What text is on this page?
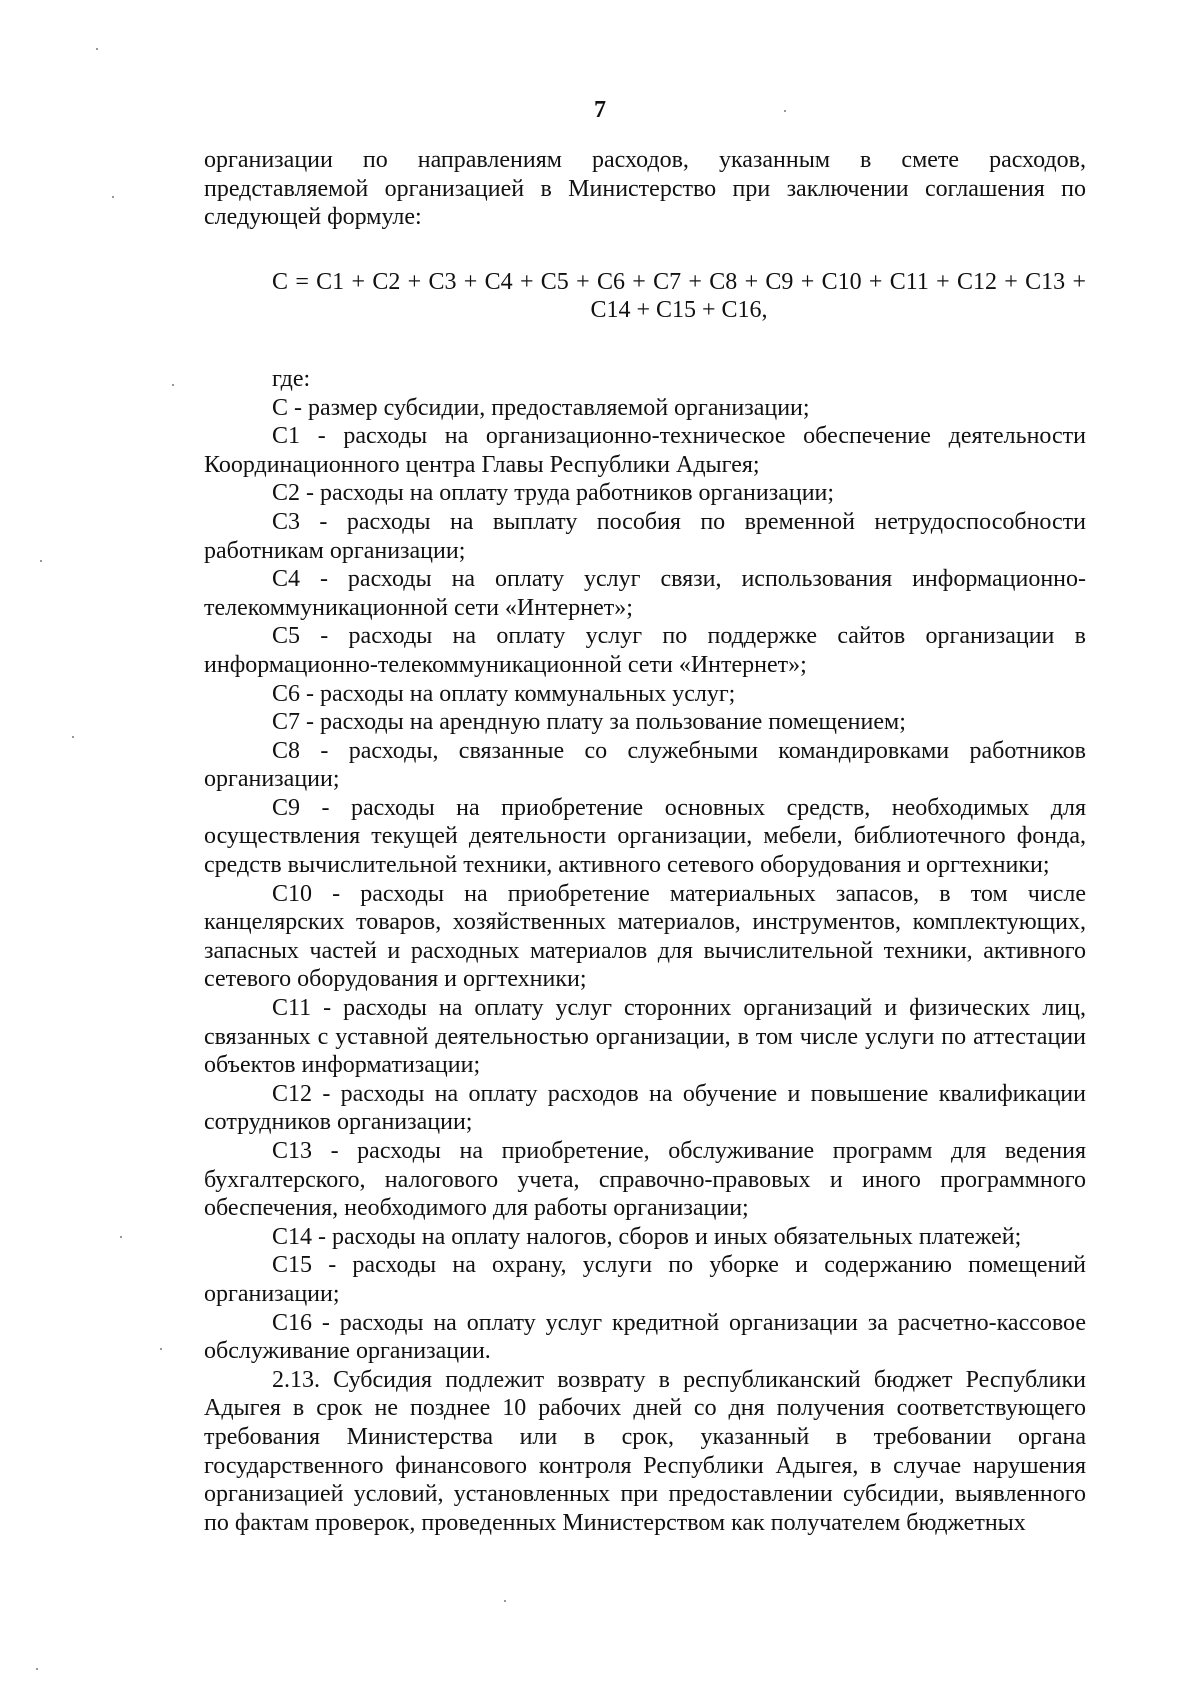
7

организации по направлениям расходов, указанным в смете расходов, представляемой организацией в Министерство при заключении соглашения по следующей формуле:

С = С1 + С2 + С3 + С4 + С5 + С6 + С7 + С8 + С9 + С10 + С11 + С12 + С13 +
С14 + С15 + С16,

где:

С - размер субсидии, предоставляемой организации;

С1 - расходы на организационно-техническое обеспечение деятельности Координационного центра Главы Республики Адыгея;

С2 - расходы на оплату труда работников организации;

С3 - расходы на выплату пособия по временной нетрудоспособности работникам организации;

С4 - расходы на оплату услуг связи, использования информационно-телекоммуникационной сети «Интернет»;

С5 - расходы на оплату услуг по поддержке сайтов организации в информационно-телекоммуникационной сети «Интернет»;

С6 - расходы на оплату коммунальных услуг;

С7 - расходы на арендную плату за пользование помещением;

С8 - расходы, связанные со служебными командировками работников организации;

С9 - расходы на приобретение основных средств, необходимых для осуществления текущей деятельности организации, мебели, библиотечного фонда, средств вычислительной техники, активного сетевого оборудования и оргтехники;

С10 - расходы на приобретение материальных запасов, в том числе канцелярских товаров, хозяйственных материалов, инструментов, комплектующих, запасных частей и расходных материалов для вычислительной техники, активного сетевого оборудования и оргтехники;

С11 - расходы на оплату услуг сторонних организаций и физических лиц, связанных с уставной деятельностью организации, в том числе услуги по аттестации объектов информатизации;

С12 - расходы на оплату расходов на обучение и повышение квалификации сотрудников организации;

С13 - расходы на приобретение, обслуживание программ для ведения бухгалтерского, налогового учета, справочно-правовых и иного программного обеспечения, необходимого для работы организации;

С14 - расходы на оплату налогов, сборов и иных обязательных платежей;

С15 - расходы на охрану, услуги по уборке и содержанию помещений организации;

С16 - расходы на оплату услуг кредитной организации за расчетно-кассовое обслуживание организации.

2.13. Субсидия подлежит возврату в республиканский бюджет Республики Адыгея в срок не позднее 10 рабочих дней со дня получения соответствующего требования Министерства или в срок, указанный в требовании органа государственного финансового контроля Республики Адыгея, в случае нарушения организацией условий, установленных при предоставлении субсидии, выявленного по фактам проверок, проведенных Министерством как получателем бюджетных
